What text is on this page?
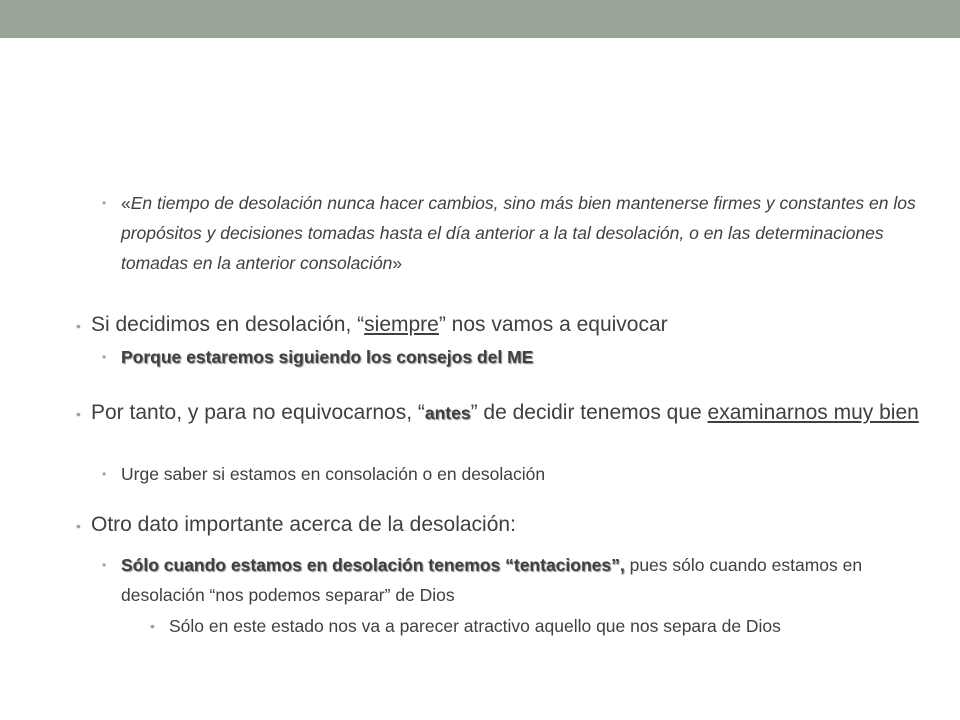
• «En tiempo de desolación nunca hacer cambios, sino más bien mantenerse firmes y constantes en los propósitos y decisiones tomadas hasta el día anterior a la tal desolación, o en las determinaciones tomadas en la anterior consolación»
• Si decidimos en desolación, “siempre” nos vamos a equivocar
• Porque estaremos siguiendo los consejos del ME
• Por tanto, y para no equivocarnos, “antes” de decidir tenemos que examinarnos muy bien
• Urge saber si estamos en consolación o en desolación
• Otro dato importante acerca de la desolación:
• Sólo cuando estamos en desolación tenemos “tentaciones”, pues sólo cuando estamos en desolación “nos podemos separar” de Dios
• Sólo en este estado nos va a parecer atractivo aquello que nos separa de Dios
